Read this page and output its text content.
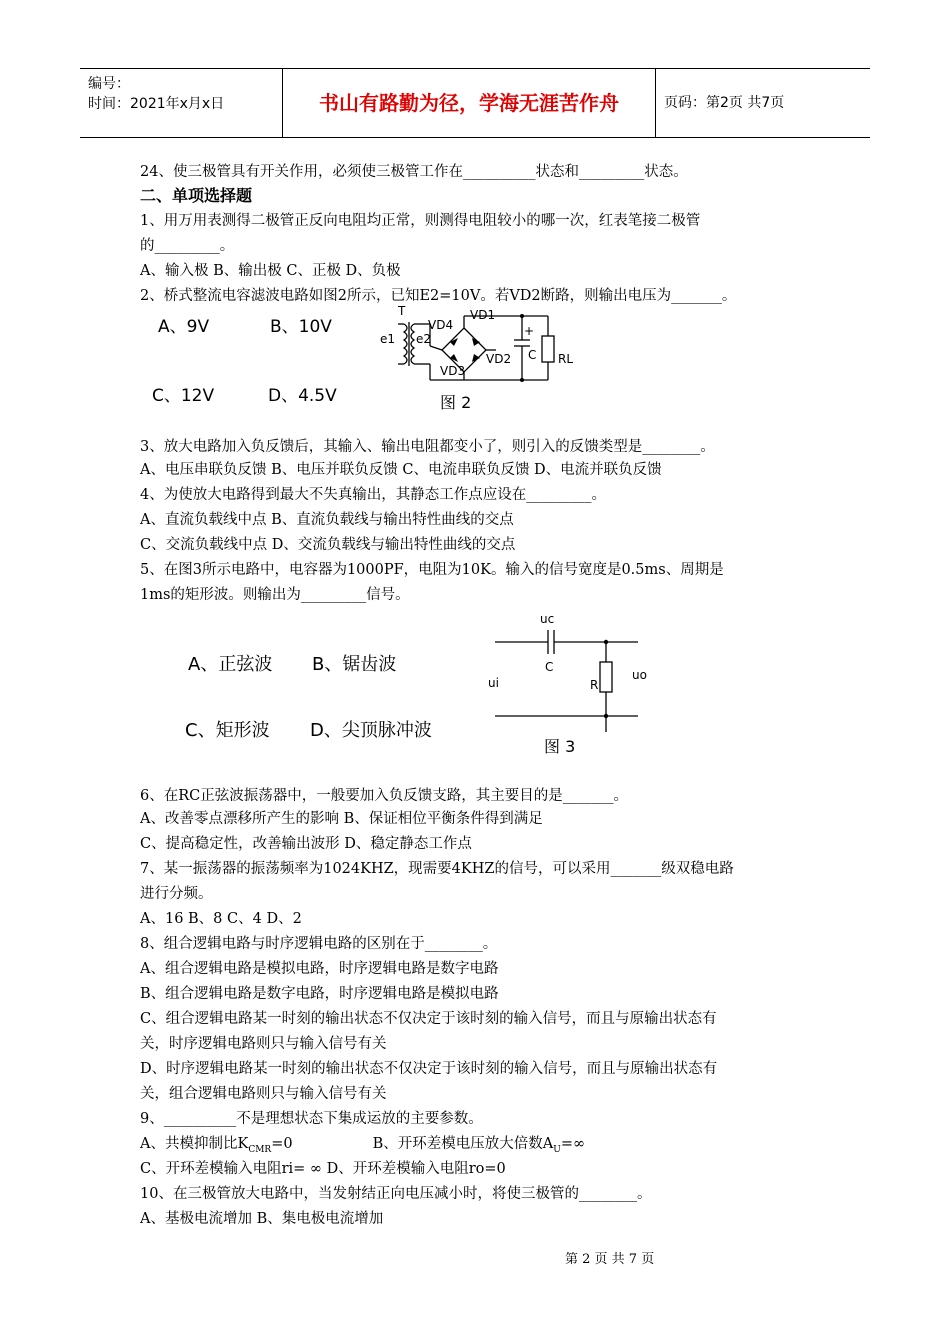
编号：
时间：2021年x月x日	书山有路勤为径，学海无涯苦作舟	页码：第2页 共7页
24、使三极管具有开关作用，必须使三极管工作在__________状态和_________状态。
二、单项选择题
1、用万用表测得二极管正反向电阻均正常，则测得电阻较小的哪一次，红表笔接二极管
的_________。
A、输入极 B、输出极 C、正极 D、负极
2、桥式整流电容滤波电路如图2所示，已知E2=10V。若VD2断路，则输出电压为_______。
A、9V	B、10V
C、12V	D、4.5V
T
VD4
VD1
VD2
VD3
e1 e2
+
C RL
图 2
3、放大电路加入负反馈后，其输入、输出电阻都变小了，则引入的反馈类型是________。
A、电压串联负反馈 B、电压并联负反馈 C、电流串联负反馈 D、电流并联负反馈
4、为使放大电路得到最大不失真输出，其静态工作点应设在_________。
A、直流负载线中点 B、直流负载线与输出特性曲线的交点
C、交流负载线中点 D、交流负载线与输出特性曲线的交点
5、在图3所示电路中，电容器为1000PF，电阻为10K。输入的信号宽度是0.5ms、周期是
1ms的矩形波。则输出为_________信号。
A、正弦波 B、锯齿波
C、矩形波 D、尖顶脉冲波
uc
C
ui	R
uo
图 3
6、在RC正弦波振荡器中，一般要加入负反馈支路，其主要目的是_______。
A、改善零点漂移所产生的影响 B、保证相位平衡条件得到满足
C、提高稳定性，改善输出波形 D、稳定静态工作点
7、某一振荡器的振荡频率为1024KHZ，现需要4KHZ的信号，可以采用_______级双稳电路
进行分频。
A、16 B、8 C、4 D、2
8、组合逻辑电路与时序逻辑电路的区别在于________。
A、组合逻辑电路是模拟电路，时序逻辑电路是数字电路
B、组合逻辑电路是数字电路，时序逻辑电路是模拟电路
C、组合逻辑电路某一时刻的输出状态不仅决定于该时刻的输入信号，而且与原输出状态有
关，时序逻辑电路则只与输入信号有关
D、时序逻辑电路某一时刻的输出状态不仅决定于该时刻的输入信号，而且与原输出状态有
关，组合逻辑电路则只与输入信号有关
9、__________不是理想状态下集成运放的主要参数。
A、共模抑制比$K_{CMR}=0$	B、开环差模电压放大倍数$A_U=\infty$
C、开环差模输入电阻ri= ∞ D、开环差模输入电阻ro=0
10、在三极管放大电路中，当发射结正向电压减小时，将使三极管的________。
A、基极电流增加 B、集电极电流增加
第 2 页 共 7 页
